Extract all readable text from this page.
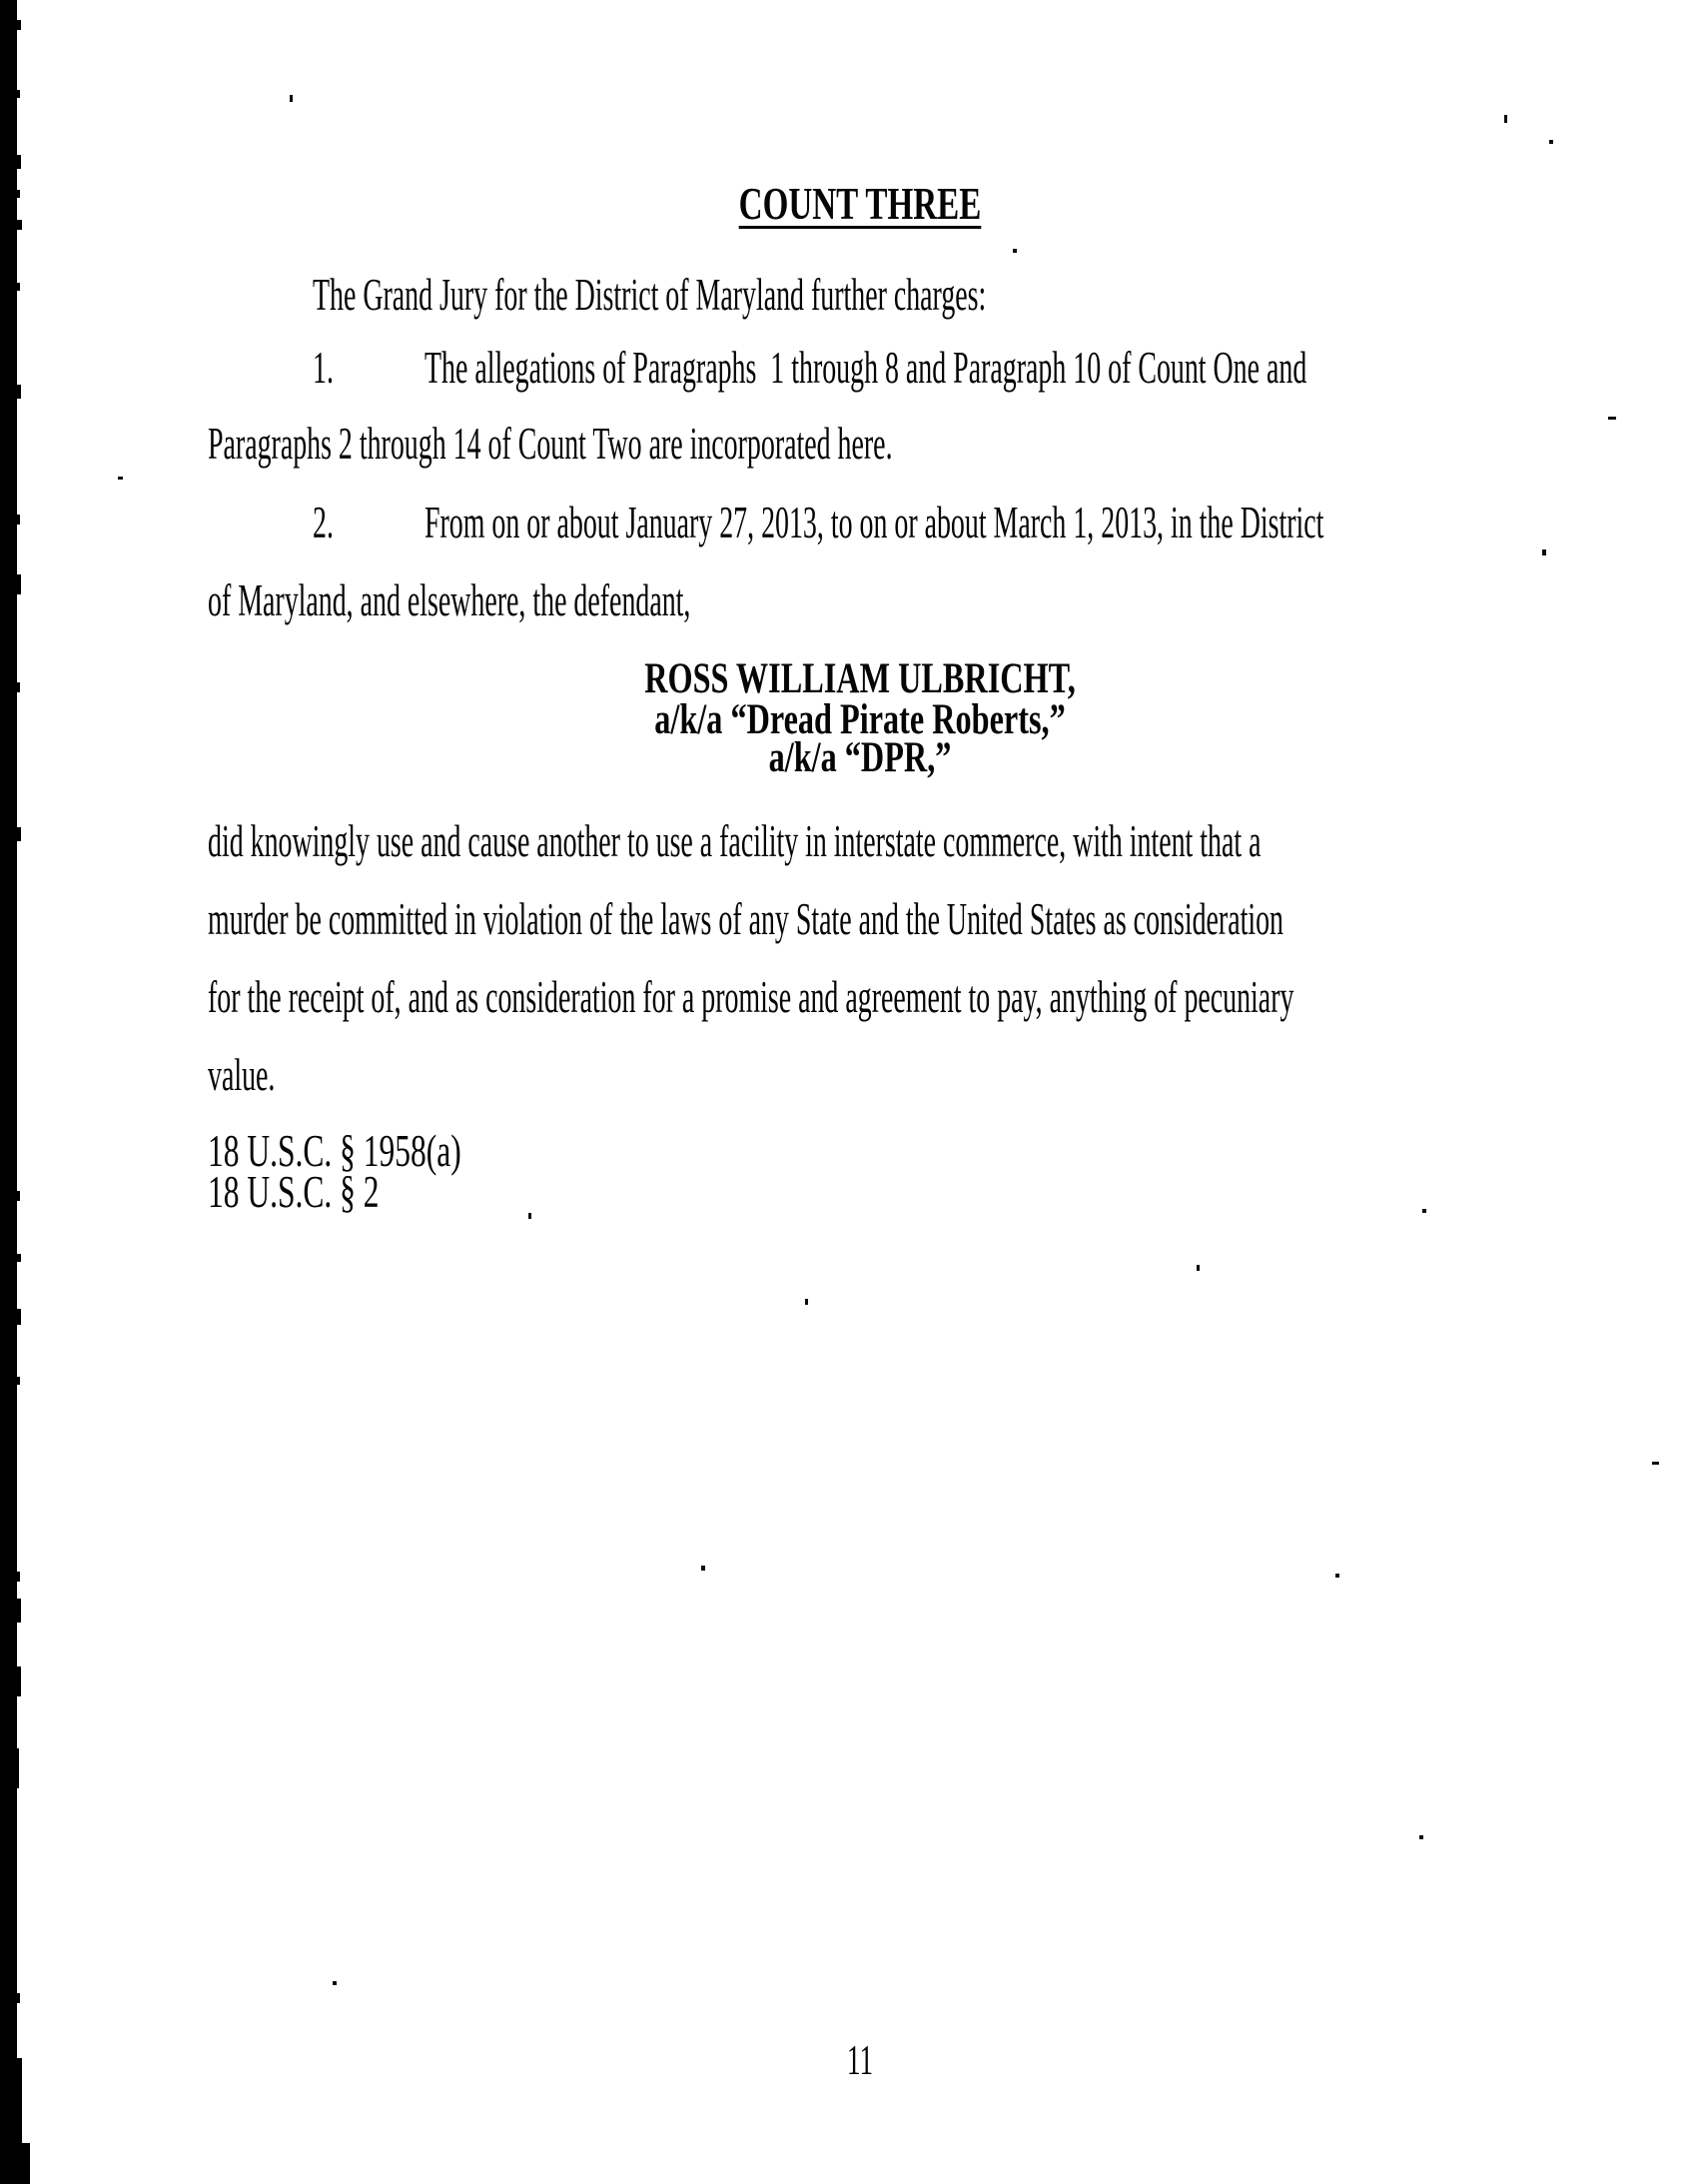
COUNT THREE
The Grand Jury for the District of Maryland further charges:
1. The allegations of Paragraphs  1 through 8 and Paragraph 10 of Count One and
Paragraphs 2 through 14 of Count Two are incorporated here.
2. From on or about January 27, 2013, to on or about March 1, 2013, in the District
of Maryland, and elsewhere, the defendant,
ROSS WILLIAM ULBRICHT,
a/k/a “Dread Pirate Roberts,”
a/k/a “DPR,”
did knowingly use and cause another to use a facility in interstate commerce, with intent that a
murder be committed in violation of the laws of any State and the United States as consideration
for the receipt of, and as consideration for a promise and agreement to pay, anything of pecuniary
value.
18 U.S.C. § 1958(a)
18 U.S.C. § 2
11
